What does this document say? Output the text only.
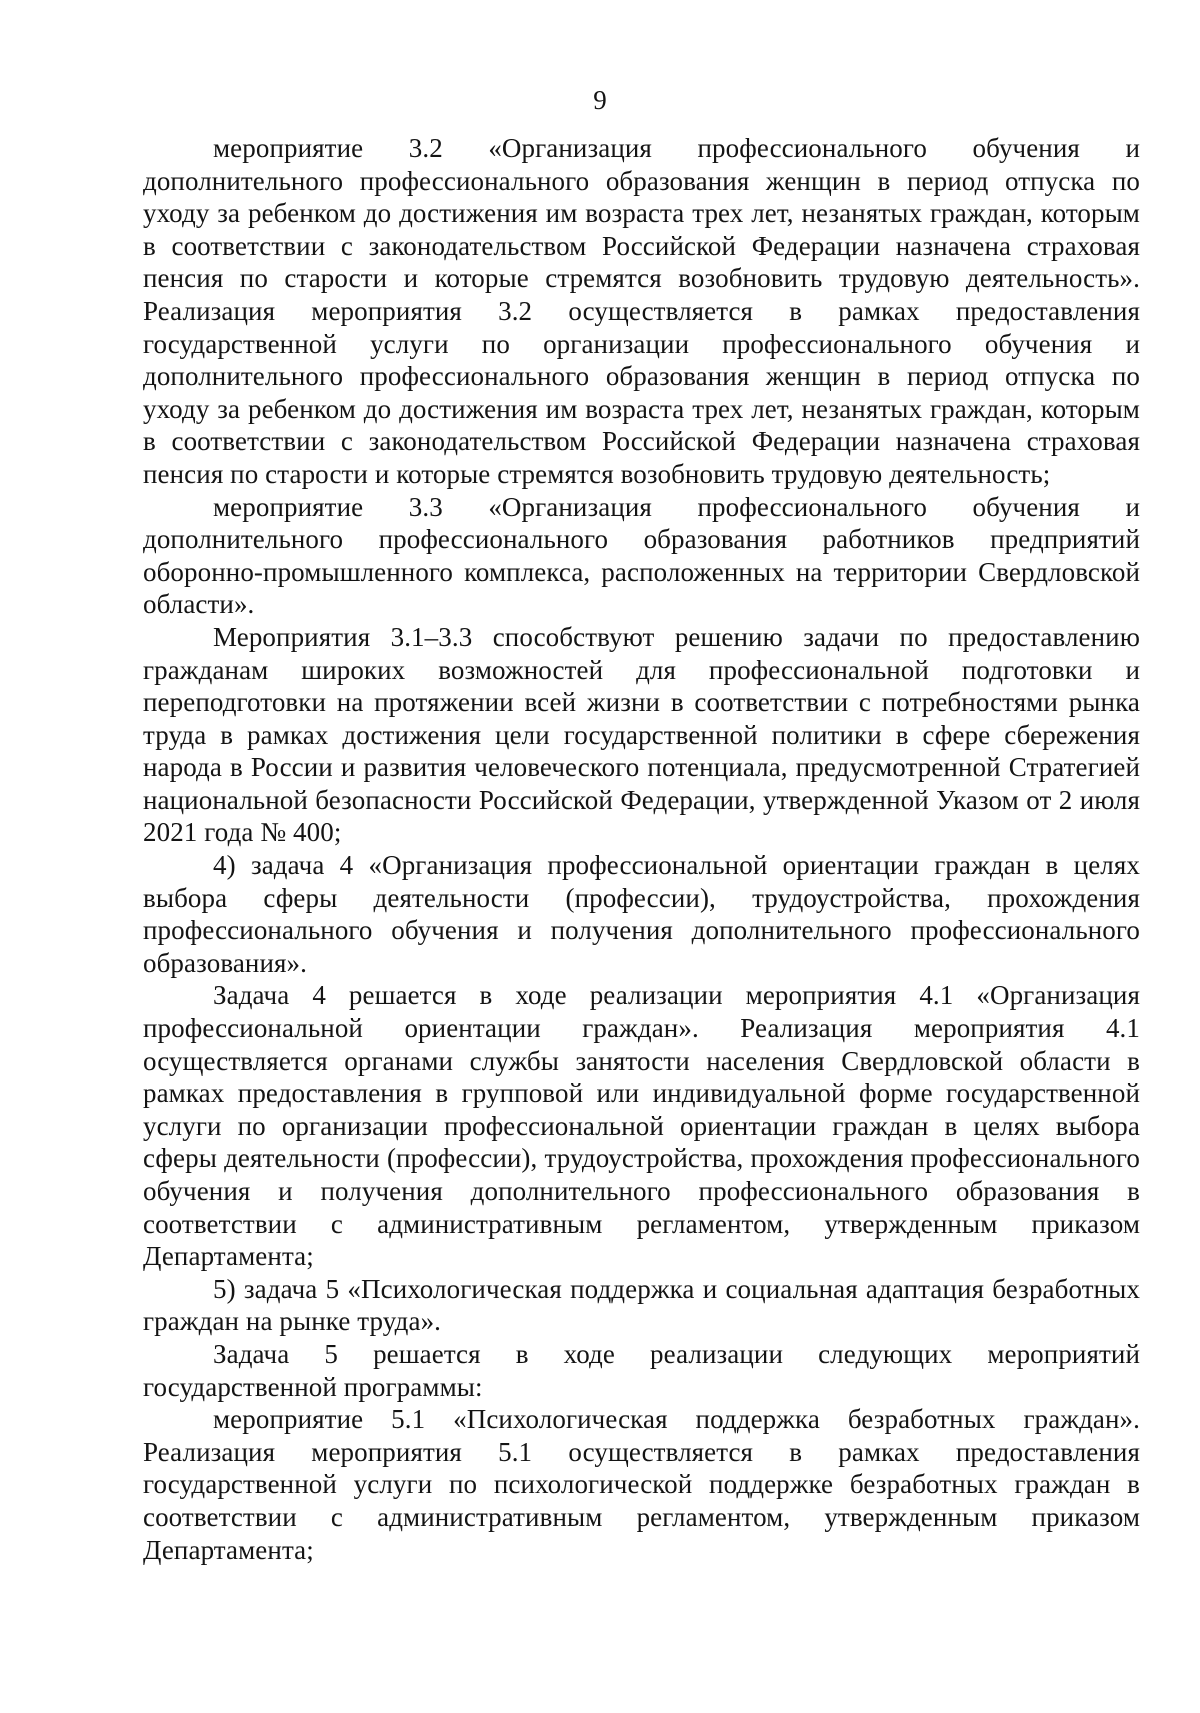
9

мероприятие 3.2 «Организация профессионального обучения и дополнительного профессионального образования женщин в период отпуска по уходу за ребенком до достижения им возраста трех лет, незанятых граждан, которым в соответствии с законодательством Российской Федерации назначена страховая пенсия по старости и которые стремятся возобновить трудовую деятельность». Реализация мероприятия 3.2 осуществляется в рамках предоставления государственной услуги по организации профессионального обучения и дополнительного профессионального образования женщин в период отпуска по уходу за ребенком до достижения им возраста трех лет, незанятых граждан, которым в соответствии с законодательством Российской Федерации назначена страховая пенсия по старости и которые стремятся возобновить трудовую деятельность;

мероприятие 3.3 «Организация профессионального обучения и дополнительного профессионального образования работников предприятий оборонно-промышленного комплекса, расположенных на территории Свердловской области».

Мероприятия 3.1–3.3 способствуют решению задачи по предоставлению гражданам широких возможностей для профессиональной подготовки и переподготовки на протяжении всей жизни в соответствии с потребностями рынка труда в рамках достижения цели государственной политики в сфере сбережения народа в России и развития человеческого потенциала, предусмотренной Стратегией национальной безопасности Российской Федерации, утвержденной Указом от 2 июля 2021 года № 400;

4) задача 4 «Организация профессиональной ориентации граждан в целях выбора сферы деятельности (профессии), трудоустройства, прохождения профессионального обучения и получения дополнительного профессионального образования».

Задача 4 решается в ходе реализации мероприятия 4.1 «Организация профессиональной ориентации граждан». Реализация мероприятия 4.1 осуществляется органами службы занятости населения Свердловской области в рамках предоставления в групповой или индивидуальной форме государственной услуги по организации профессиональной ориентации граждан в целях выбора сферы деятельности (профессии), трудоустройства, прохождения профессионального обучения и получения дополнительного профессионального образования в соответствии с административным регламентом, утвержденным приказом Департамента;

5) задача 5 «Психологическая поддержка и социальная адаптация безработных граждан на рынке труда».

Задача 5 решается в ходе реализации следующих мероприятий государственной программы:

мероприятие 5.1 «Психологическая поддержка безработных граждан». Реализация мероприятия 5.1 осуществляется в рамках предоставления государственной услуги по психологической поддержке безработных граждан в соответствии с административным регламентом, утвержденным приказом Департамента;
